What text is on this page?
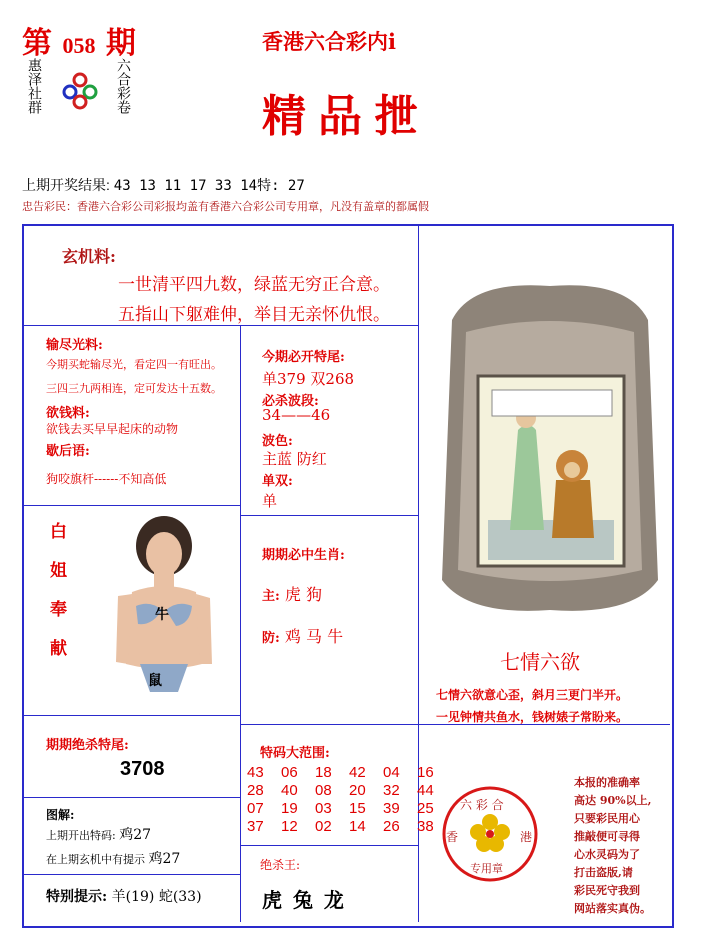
第 058 期
惠泽社群	六合彩卷
香港六合彩内i
精品抴
上期开奖结果: 43 13 11 17 33 14特: 27
忠告彩民：香港六合彩公司彩报均盖有香港六合彩公司专用章，凡没有盖章的都属假
玄机料:
一世清平四九数，绿蓝无穷正合意。
五指山下躯难伸，举目无亲怀仇恨。
输尽光料:
今期买蛇输尽光，看定四一有旺出。
三四三九两相连，定可发达十五数。
欲钱料:
欲钱去买早早起床的动物
歇后语:
狗咬旗杆------不知高低
今期必开特尾:
单379 双268
必杀波段:
34——46
波色:
主蓝 防红
单双:
单
白姐奉献	牛
鼠
期期必中生肖:
主: 虎 狗
防: 鸡 马 牛
七情六欲
七情六欲意心歪，斜月三更门半开。
一见钟情共鱼水，钱树婊子常盼来。
期期绝杀特尾:
3708
特码大范围:
43 06 18 42 04 16
28 40 08 20 32 44
07 19 03 15 39 25
37 12 02 14 26 38
图解:
上期开出特码: 鸡27
在上期玄机中有提示 鸡27
特别提示: 羊(19) 蛇(33)
绝杀王:
虎 兔 龙
六 彩 合
香	港
专用章
本报的准确率
高达 90%以上,
只要彩民用心
推敲便可寻得
心水灵码为了
打击盗版,请
彩民死守我到
网站落实真伪。
